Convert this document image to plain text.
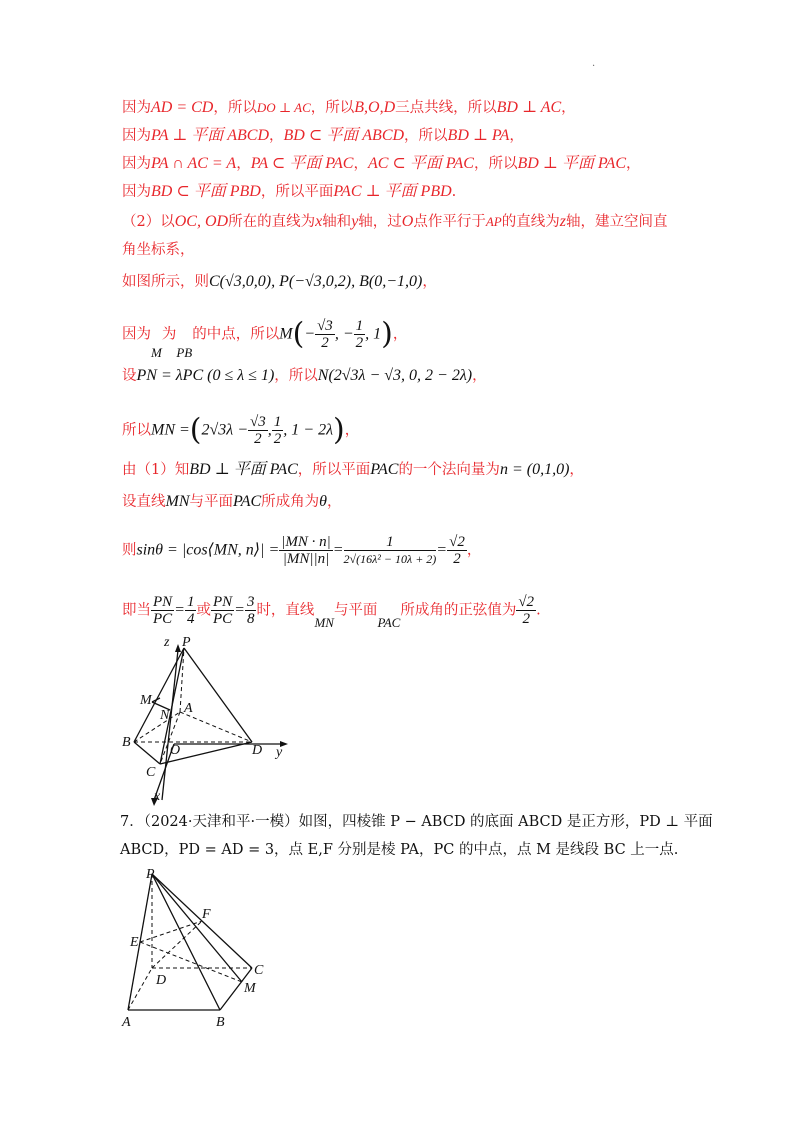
.
因为AD = CD，所以DO ⊥ AC，所以B,O,D三点共线，所以BD ⊥ AC，
因为PA ⊥ 平面 ABCD，BD ⊂ 平面 ABCD，所以BD ⊥ PA，
因为PA ∩ AC = A，PA ⊂ 平面 PAC，AC ⊂ 平面 PAC，所以BD ⊥ 平面 PAC，
因为BD ⊂ 平面 PBD，所以平面PAC ⊥ 平面 PBD.
（2）以OC, OD所在的直线为x轴和y轴，过O点作平行于AP的直线为z轴，建立空间直
角坐标系，
如图所示，则C(√3,0,0), P(−√3,0,2), B(0,−1,0)，
因为M为PB的中点，所以$M(- \frac{√3}{2}$ , − $\frac{1}{2}$ , 1)，
设PN = λPC (0 ≤ λ ≤ 1)，所以N(2√3λ − √3, 0, 2 − 2λ)，
所以MN $=(2√3\lambda - \frac{√3}{2}$ , $\frac{1}{2}$ , 1 − 2λ)，
由（1）知BD ⊥ 平面 PAC，所以平面PAC的一个法向量为n = (0,1,0)，
设直线MN与平面PAC所成角为θ，
则sinθ = |cos⟨MN, n⟩| = $\frac{|MN \cdot n|}{|MN||n|} = \frac{1}{\text{2√(16λ² − 10λ + 2)}} = \frac{√2}{2}$ ，
即当 $\frac{PN}{PC} = \frac{1}{4}$ 或 $\frac{PN}{PC} = \frac{3}{8}$ 时，直线MN与平面PAC所成角的正弦值为 $\frac{√2}{2}$ .
P
z
M
N A
B
O	D y
C
x
7．（2024·天津和平·一模）如图，四棱锥 P − ABCD 的底面 ABCD 是正方形，PD ⊥ 平面
ABCD，PD = AD = 3，点 E,F 分别是棱 PA，PC 的中点，点 M 是线段 BC 上一点.
P
F
E
C
D
M
A	B
